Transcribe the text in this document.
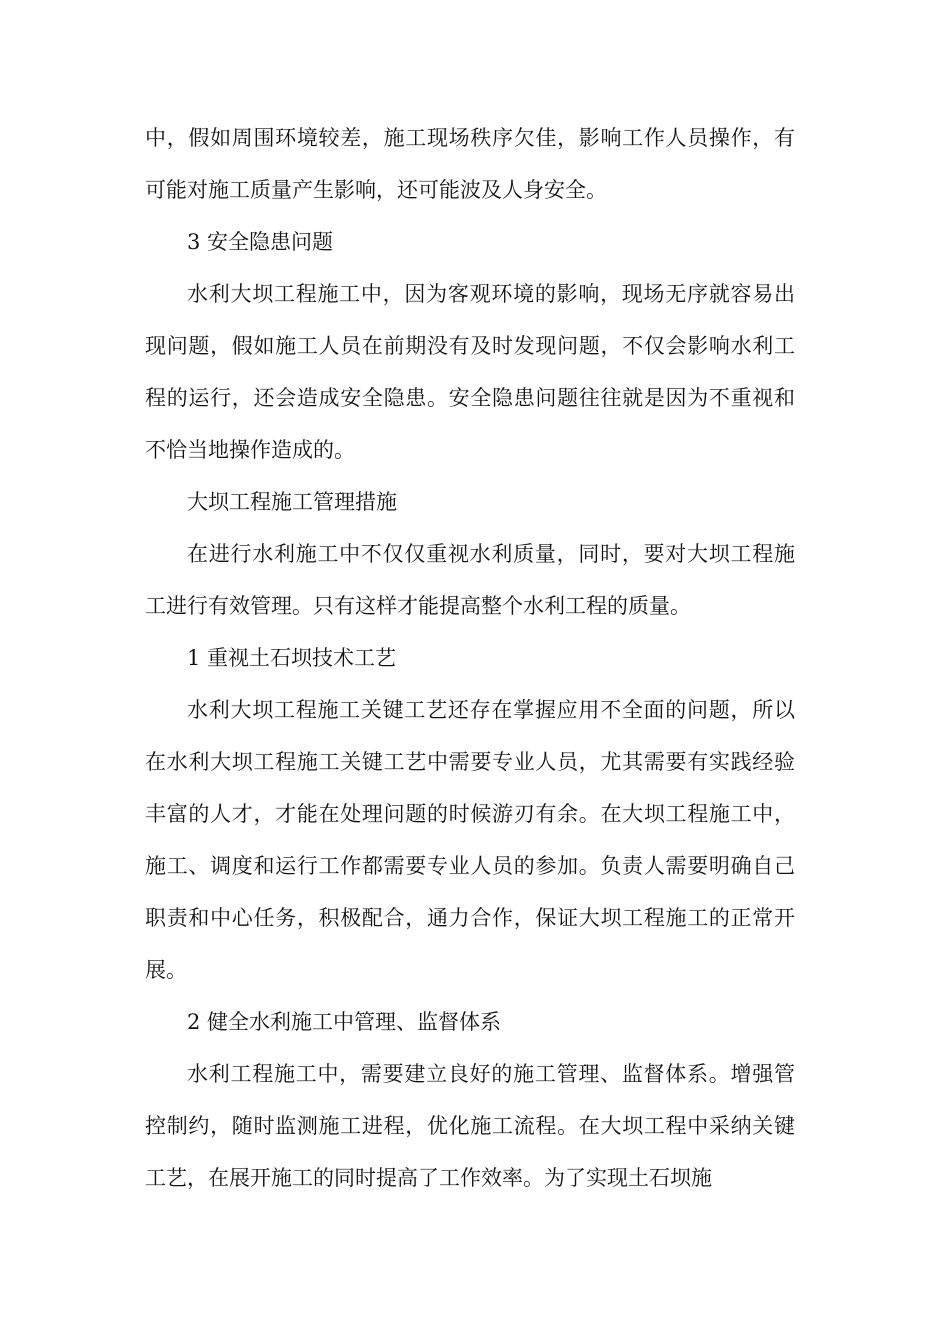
中，假如周围环境较差，施工现场秩序欠佳，影响工作人员操作，有可能对施工质量产生影响，还可能波及人身安全。

3 安全隐患问题

水利大坝工程施工中，因为客观环境的影响，现场无序就容易出现问题，假如施工人员在前期没有及时发现问题，不仅会影响水利工程的运行，还会造成安全隐患。安全隐患问题往往就是因为不重视和不恰当地操作造成的。

大坝工程施工管理措施

在进行水利施工中不仅仅重视水利质量，同时，要对大坝工程施工进行有效管理。只有这样才能提高整个水利工程的质量。

1 重视土石坝技术工艺

水利大坝工程施工关键工艺还存在掌握应用不全面的问题，所以在水利大坝工程施工关键工艺中需要专业人员，尤其需要有实践经验丰富的人才，才能在处理问题的时候游刃有余。在大坝工程施工中，施工、调度和运行工作都需要专业人员的参加。负责人需要明确自己职责和中心任务，积极配合，通力合作，保证大坝工程施工的正常开展。

2 健全水利施工中管理、监督体系

水利工程施工中，需要建立良好的施工管理、监督体系。增强管控制约，随时监测施工进程，优化施工流程。在大坝工程中采纳关键工艺，在展开施工的同时提高了工作效率。为了实现土石坝施
